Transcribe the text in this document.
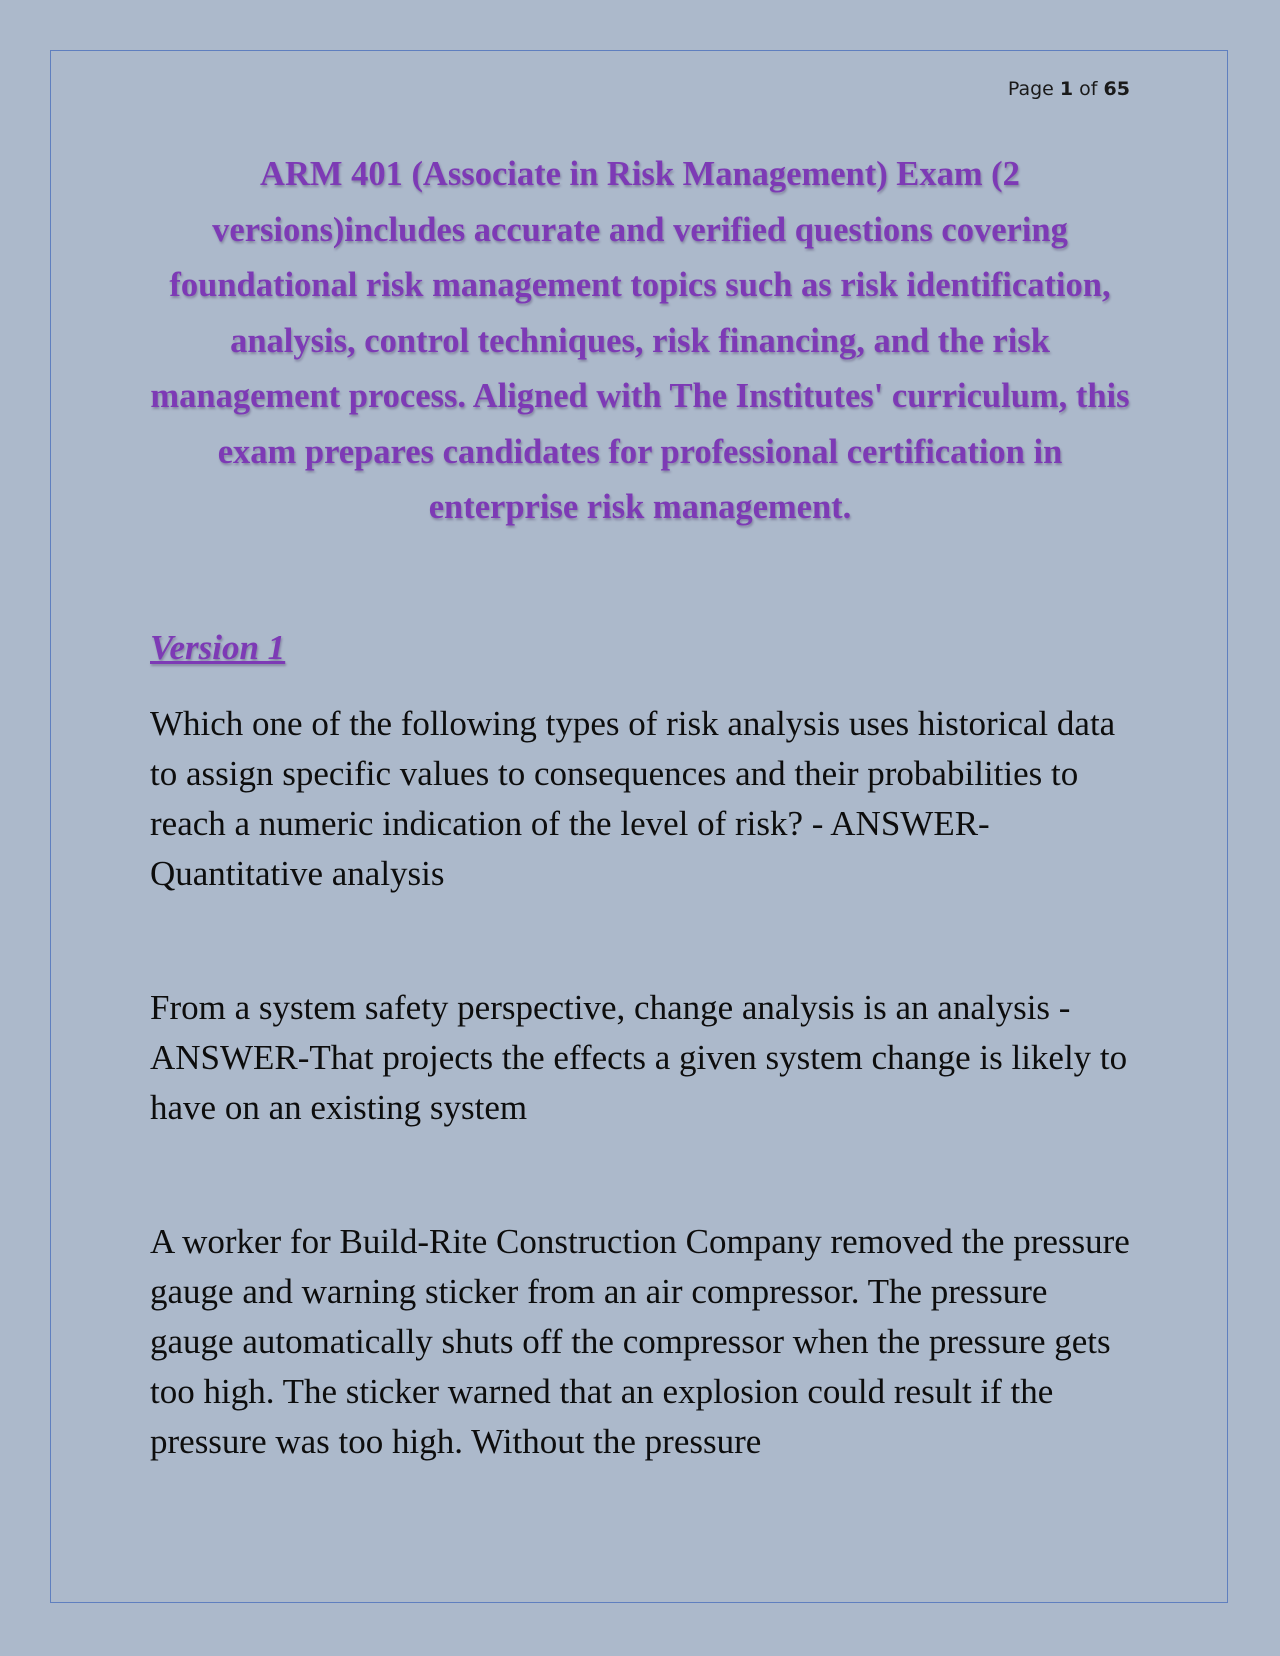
Page 1 of 65
ARM 401 (Associate in Risk Management) Exam (2 versions)includes accurate and verified questions covering foundational risk management topics such as risk identification, analysis, control techniques, risk financing, and the risk management process. Aligned with The Institutes' curriculum, this exam prepares candidates for professional certification in enterprise risk management.
Version 1

Which one of the following types of risk analysis uses historical data to assign specific values to consequences and their probabilities to reach a numeric indication of the level of risk? - ANSWER-Quantitative analysis

From a system safety perspective, change analysis is an analysis - ANSWER-That projects the effects a given system change is likely to have on an existing system

A worker for Build-Rite Construction Company removed the pressure gauge and warning sticker from an air compressor. The pressure gauge automatically shuts off the compressor when the pressure gets too high. The sticker warned that an explosion could result if the pressure was too high. Without the pressure
